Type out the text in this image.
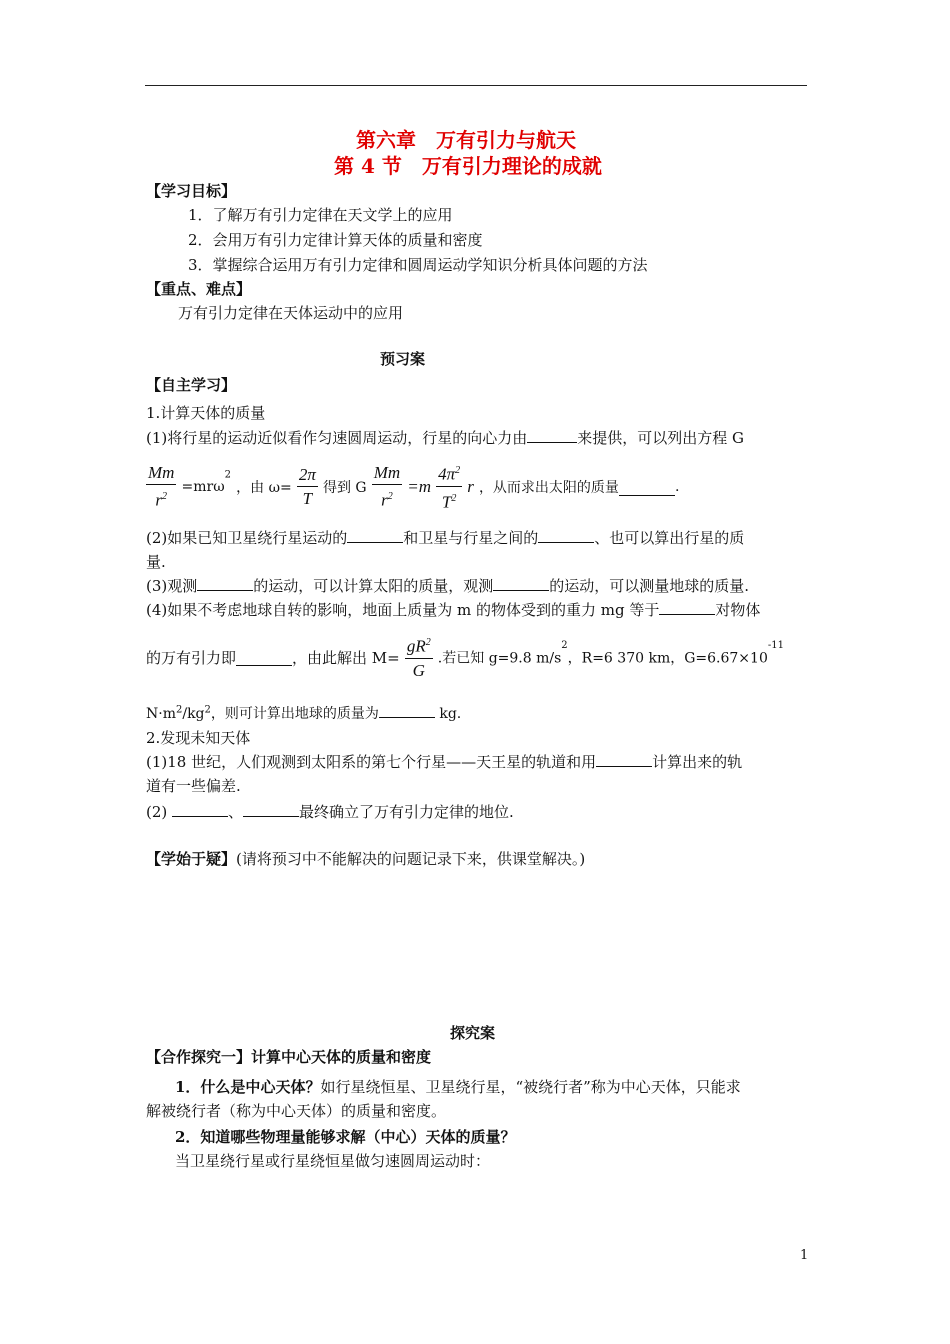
第六章　万有引力与航天
第 4 节　万有引力理论的成就
【学习目标】
1．了解万有引力定律在天文学上的应用
2．会用万有引力定律计算天体的质量和密度
3．掌握综合运用万有引力定律和圆周运动学知识分析具体问题的方法
【重点、难点】
万有引力定律在天体运动中的应用
预习案
【自主学习】
1.计算天体的质量
(1)将行星的运动近似看作匀速圆周运动，行星的向心力由	来提供，可以列出方程 G
$\frac{Mm}{r^2} =mr\omega^2$ ，由 $\omega= \frac{2\pi}{T}$ 得到 G $\frac{Mm}{r^2} =m \frac{4\pi^2}{T^2}$ r ，从而求出太阳的质量	.
(2)如果已知卫星绕行星运动的	和卫星与行星之间的	、也可以算出行星的质
量.
(3)观测	的运动，可以计算太阳的质量，观测	的运动，可以测量地球的质量.
(4)如果不考虑地球自转的影响，地面上质量为 m 的物体受到的重力 mg 等于	对物体
的万有引力即	，由此解出 $M= \frac{gR^2}{G}$ .若已知 g=9.8 $m/s^2$，R=6 370 km，$G=6.67\times 10^{-11}$
$N\cdot m^2/kg^2$，则可计算出地球的质量为	kg.
2.发现未知天体
(1)18 世纪，人们观测到太阳系的第七个行星——天王星的轨道和用	计算出来的轨
道有一些偏差.
(2)	、	最终确立了万有引力定律的地位.
【学始于疑】(请将预习中不能解决的问题记录下来，供课堂解决。)
探究案
【合作探究一】计算中心天体的质量和密度
1．什么是中心天体？如行星绕恒星、卫星绕行星，“被绕行者”称为中心天体，只能求
解被绕行者（称为中心天体）的质量和密度。
2．知道哪些物理量能够求解（中心）天体的质量？
当卫星绕行星或行星绕恒星做匀速圆周运动时：
1
